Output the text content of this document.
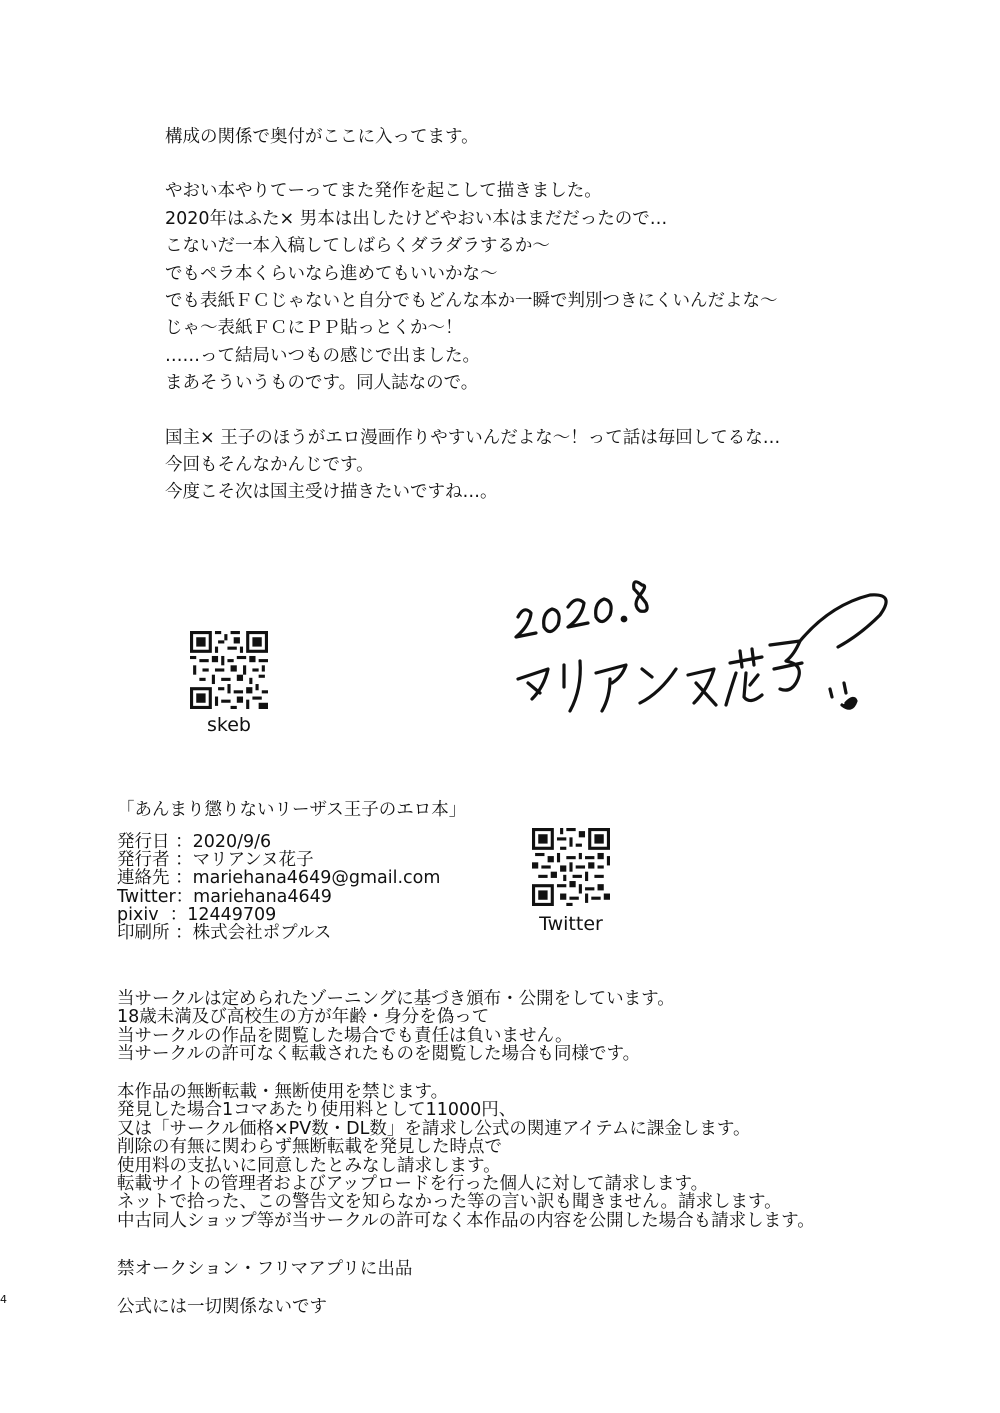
構成の関係で奥付がここに入ってます。

やおい本やりてーってまた発作を起こして描きました。

2020年はふた× 男本は出したけどやおい本はまだだったので…

こないだ一本入稿してしばらくダラダラするか～

でもペラ本くらいなら進めてもいいかな～

でも表紙ＦＣじゃないと自分でもどんな本か一瞬で判別つきにくいんだよな～

じゃ～表紙ＦＣにＰＰ貼っとくか～！

……って結局いつもの感じで出ました。

まあそういうものです。同人誌なので。

国主× 王子のほうがエロ漫画作りやすいんだよな～！って話は毎回してるな…

今回もそんなかんじです。

今度こそ次は国主受け描きたいですね…。

skeb
「あんまり懲りないリーザス王子のエロ本」
発行日
： 2020/9/6
発行者
： マリアンヌ花子
連絡先
： mariehana4649@gmail.com
Twitter ： mariehana4649
pixiv
： 12449709
印刷所
： 株式会社ポプルス	Twitter

当サークルは定められたゾーニングに基づき頒布・公開をしています。

18歳未満及び高校生の方が年齢・身分を偽って

当サークルの作品を閲覧した場合でも責任は負いません。

当サークルの許可なく転載されたものを閲覧した場合も同様です。

本作品の無断転載・無断使用を禁じます。

発見した場合1コマあたり使用料として11000円、

又は「サークル価格×PV数・DL数」を請求し公式の関連アイテムに課金します。

削除の有無に関わらず無断転載を発見した時点で

使用料の支払いに同意したとみなし請求します。

転載サイトの管理者およびアップロードを行った個人に対して請求します。

ネットで拾った、この警告文を知らなかった等の言い訳も聞きません。請求します。

中古同人ショップ等が当サークルの許可なく本作品の内容を公開した場合も請求します。

禁オークション・フリマアプリに出品
公式には一切関係ないです
4
